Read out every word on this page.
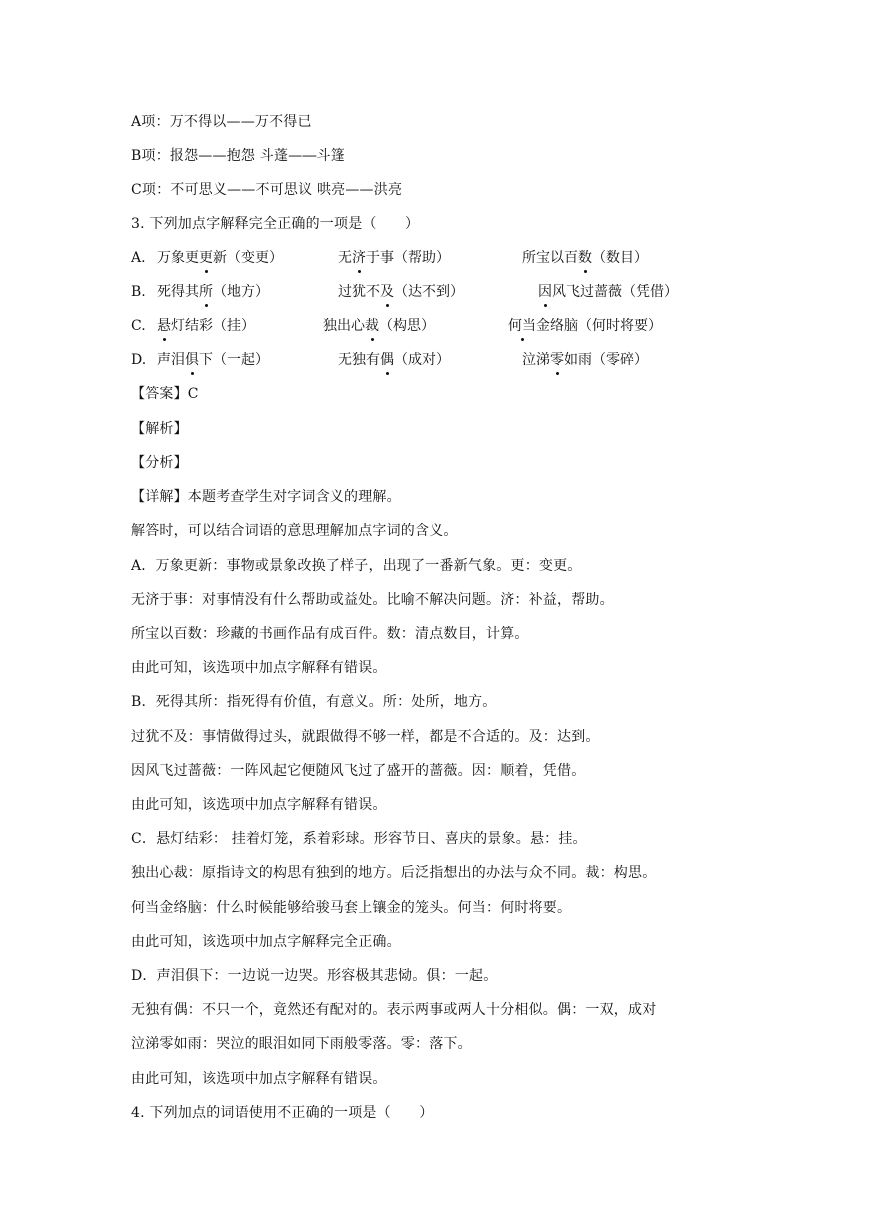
A项：万不得以——万不得已
B项：报怨——抱怨 斗蓬—―斗篷
C项：不可思义——不可思议 哄亮——洪亮
3. 下列加点字解释完全正确的一项是（　　）
A. 万象更更新（变更）	无济于事（帮助）	所宝以百数（数目）
B. 死得其所（地方）	过犹不及（达不到）	因风飞过蔷薇（凭借）
C. 悬灯结彩（挂）	独出心裁（构思）	何当金络脑（何时将要）
D. 声泪俱下（一起）	无独有偶（成对）	泣涕零如雨（零碎）
【答案】C
【解析】
【分析】
【详解】本题考查学生对字词含义的理解。
解答时，可以结合词语的意思理解加点字词的含义。
A．万象更新：事物或景象改换了样子，出现了一番新气象。更：变更。
无济于事：对事情没有什么帮助或益处。比喻不解决问题。济：补益，帮助。
所宝以百数：珍藏的书画作品有成百件。数：清点数目，计算。
由此可知，该选项中加点字解释有错误。
B．死得其所：指死得有价值，有意义。所：处所，地方。
过犹不及：事情做得过头，就跟做得不够一样，都是不合适的。及：达到。
因风飞过蔷薇：一阵风起它便随风飞过了盛开的蔷薇。因：顺着，凭借。
由此可知，该选项中加点字解释有错误。
C．悬灯结彩： 挂着灯笼，系着彩球。形容节日、喜庆的景象。悬：挂。
独出心裁：原指诗文的构思有独到的地方。后泛指想出的办法与众不同。裁：构思。
何当金络脑：什么时候能够给骏马套上镶金的笼头。何当：何时将要。
由此可知，该选项中加点字解释完全正确。
D．声泪俱下：一边说一边哭。形容极其悲恸。俱：一起。
无独有偶：不只一个，竟然还有配对的。表示两事或两人十分相似。偶：一双，成对
泣涕零如雨：哭泣的眼泪如同下雨般零落。零：落下。
由此可知，该选项中加点字解释有错误。
4. 下列加点的词语使用不正确的一项是（　　）
